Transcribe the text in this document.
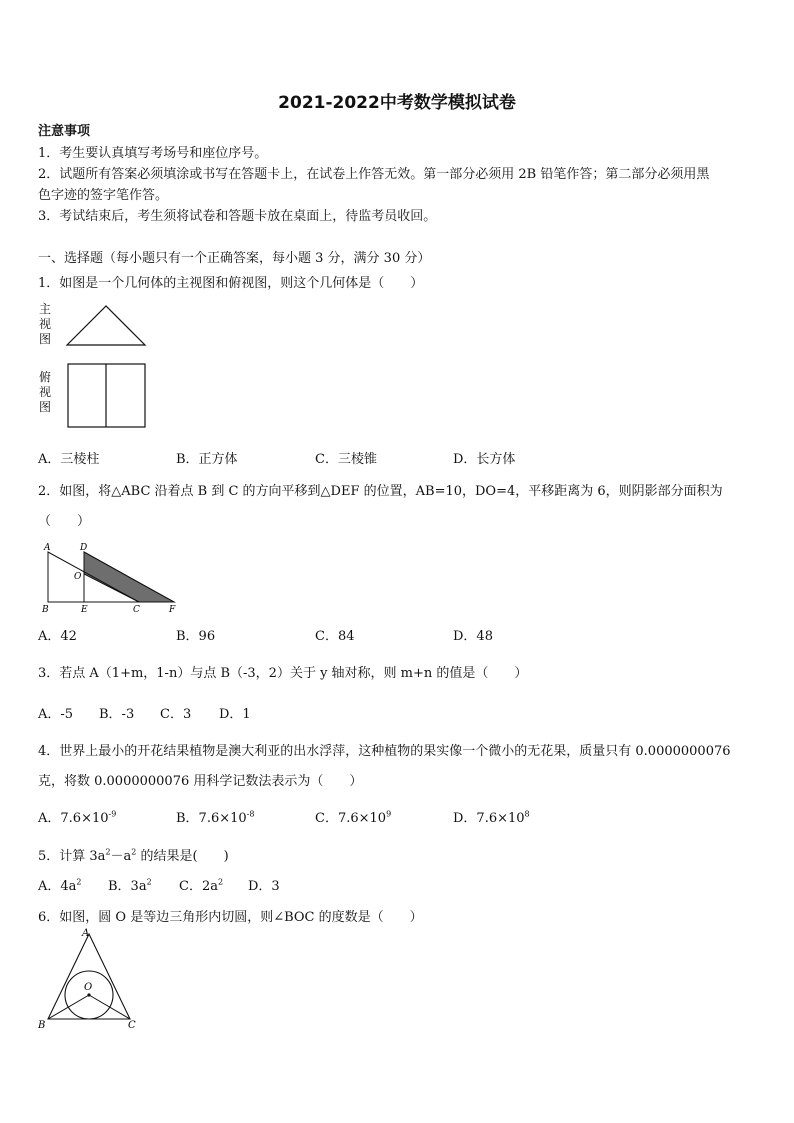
2021-2022中考数学模拟试卷
注意事项
1．考生要认真填写考场号和座位序号。
2．试题所有答案必须填涂或书写在答题卡上，在试卷上作答无效。第一部分必须用 2B 铅笔作答；第二部分必须用黑
色字迹的签字笔作答。
3．考试结束后，考生须将试卷和答题卡放在桌面上，待监考员收回。
一、选择题（每小题只有一个正确答案，每小题 3 分，满分 30 分）
1．如图是一个几何体的主视图和俯视图，则这个几何体是（　　）
主
视
图
俯
视
图
A．三棱柱	B．正方体	C．三棱锥	D．长方体
2．如图，将△ABC 沿着点 B 到 C 的方向平移到△DEF 的位置，AB=10，DO=4，平移距离为 6，则阴影部分面积为
（　　）
A	D
O
B	E	C	F
A．42	B．96	C．84	D．48
3．若点 A（1+m，1-n）与点 B（-3，2）关于 y 轴对称，则 m+n 的值是（　　）
A．-5 B．-3 C．3 D．1
4．世界上最小的开花结果植物是澳大利亚的出水浮萍，这种植物的果实像一个微小的无花果，质量只有 0.0000000076
克，将数 0.0000000076 用科学记数法表示为（　　）
A．$7.6\times 10^{-9}$	B．$7.6\times 10^{-8}$	C．$7.6\times 10^9$	D．$7.6\times 10^8$
5．计算 $3a^2-a^2$ 的结果是(　　)
A．$4a^2$ B．$3a^2$ C．$2a^2$ D．3
6．如图，圆 O 是等边三角形内切圆，则∠BOC 的度数是（　　）
A
O
B	C
